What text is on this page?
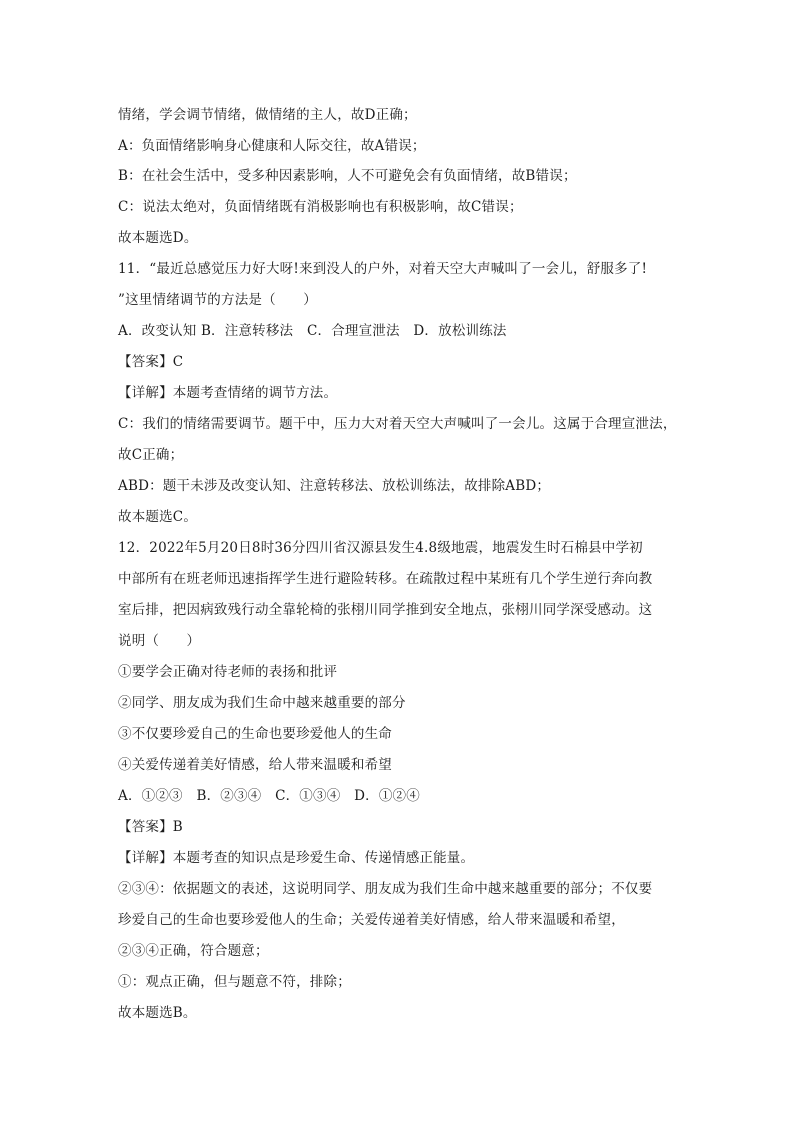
情绪，学会调节情绪，做情绪的主人，故D正确；
A：负面情绪影响身心健康和人际交往，故A错误；
B：在社会生活中，受多种因素影响，人不可避免会有负面情绪，故B错误；
C：说法太绝对，负面情绪既有消极影响也有积极影响，故C错误；
故本题选D。
11．“最近总感觉压力好大呀!来到没人的户外，对着天空大声喊叫了一会儿，舒服多了!
”这里情绪调节的方法是（　　）
A．改变认知 B．注意转移法　C．合理宣泄法　D．放松训练法
【答案】C
【详解】本题考查情绪的调节方法。
C：我们的情绪需要调节。题干中，压力大对着天空大声喊叫了一会儿。这属于合理宣泄法，
故C正确；
ABD：题干未涉及改变认知、注意转移法、放松训练法，故排除ABD；
故本题选C。
12．2022年5月20日8时36分四川省汉源县发生4.8级地震，地震发生时石棉县中学初
中部所有在班老师迅速指挥学生进行避险转移。在疏散过程中某班有几个学生逆行奔向教
室后排，把因病致残行动全靠轮椅的张栩川同学推到安全地点，张栩川同学深受感动。这
说明（　　）
①要学会正确对待老师的表扬和批评
②同学、朋友成为我们生命中越来越重要的部分
③不仅要珍爱自己的生命也要珍爱他人的生命
④关爱传递着美好情感，给人带来温暖和希望
A．①②③　B．②③④　C．①③④　D．①②④
【答案】B
【详解】本题考查的知识点是珍爱生命、传递情感正能量。
②③④：依据题文的表述，这说明同学、朋友成为我们生命中越来越重要的部分；不仅要
珍爱自己的生命也要珍爱他人的生命；关爱传递着美好情感，给人带来温暖和希望，
②③④正确，符合题意；
①：观点正确，但与题意不符，排除；
故本题选B。
